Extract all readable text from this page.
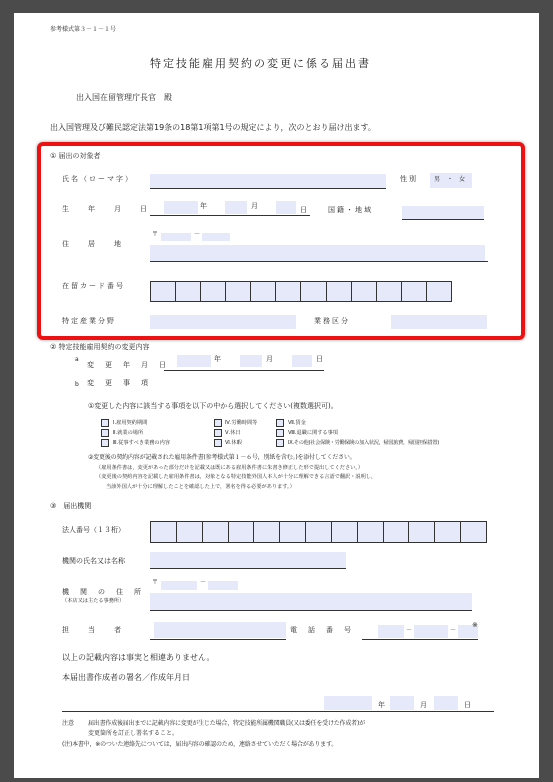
参考様式第３－１－１号
特定技能雇用契約の変更に係る届出書
出入国在留管理庁長官　殿
出入国管理及び難民認定法第19条の18第1項第1号の規定により，次のとおり届け出ます。
① 届出の対象者
氏名（ローマ字）	性別	男 ・ 女
生　年　月　日	年	月	日	国籍・地域
住　居　地
〒	－
在留カード番号
特定産業分野	業務区分
② 特定技能雇用契約の変更内容
a
変　更　年　月　日
年	月	日
b 変　更　事　項
①変更した内容に該当する事項を以下の中から選択してください(複数選択可)。
Ⅰ.雇用契約期間
Ⅱ.就業の場所
Ⅲ.従事すべき業務の内容
Ⅳ.労働時間等
Ⅴ.休日
Ⅵ.休暇
Ⅶ.賃金
Ⅷ.退職に関する事項
Ⅸ.その他(社会保険・労働保険の加入状況，帰国旅費，帰国担保措置)
②変更後の契約内容が記載された雇用条件書(参考様式第１－６号，別紙を含む。)を添付してください。
（雇用条件書は，変更があった部分だけを記載又は既にある雇用条件書に朱書き修正した形で提出してください。）
（変更後の契約内容を記載した雇用条件書は，対象となる特定技能外国人本人が十分に理解できる言語で翻訳・説明し，
当該外国人が十分に理解したことを確認した上で，署名を得る必要があります。）
③　届出機関
法人番号（１３桁）
機関の氏名又は名称
機　関　の　住　所
（本店又は主たる事務所）
〒	－
担　当　者	電　話　番　号	－	－
※
以上の記載内容は事実と相違ありません。
本届出書作成者の署名／作成年月日
年	月	日
注意 届出書作成後届出までに記載内容に変更が生じた場合，特定技能所属機関職員(又は委任を受けた作成者)が
変更箇所を訂正し署名すること。
(注)本書中，※のついた連絡先については，届出内容の確認のため，連絡させていただく場合があります。
